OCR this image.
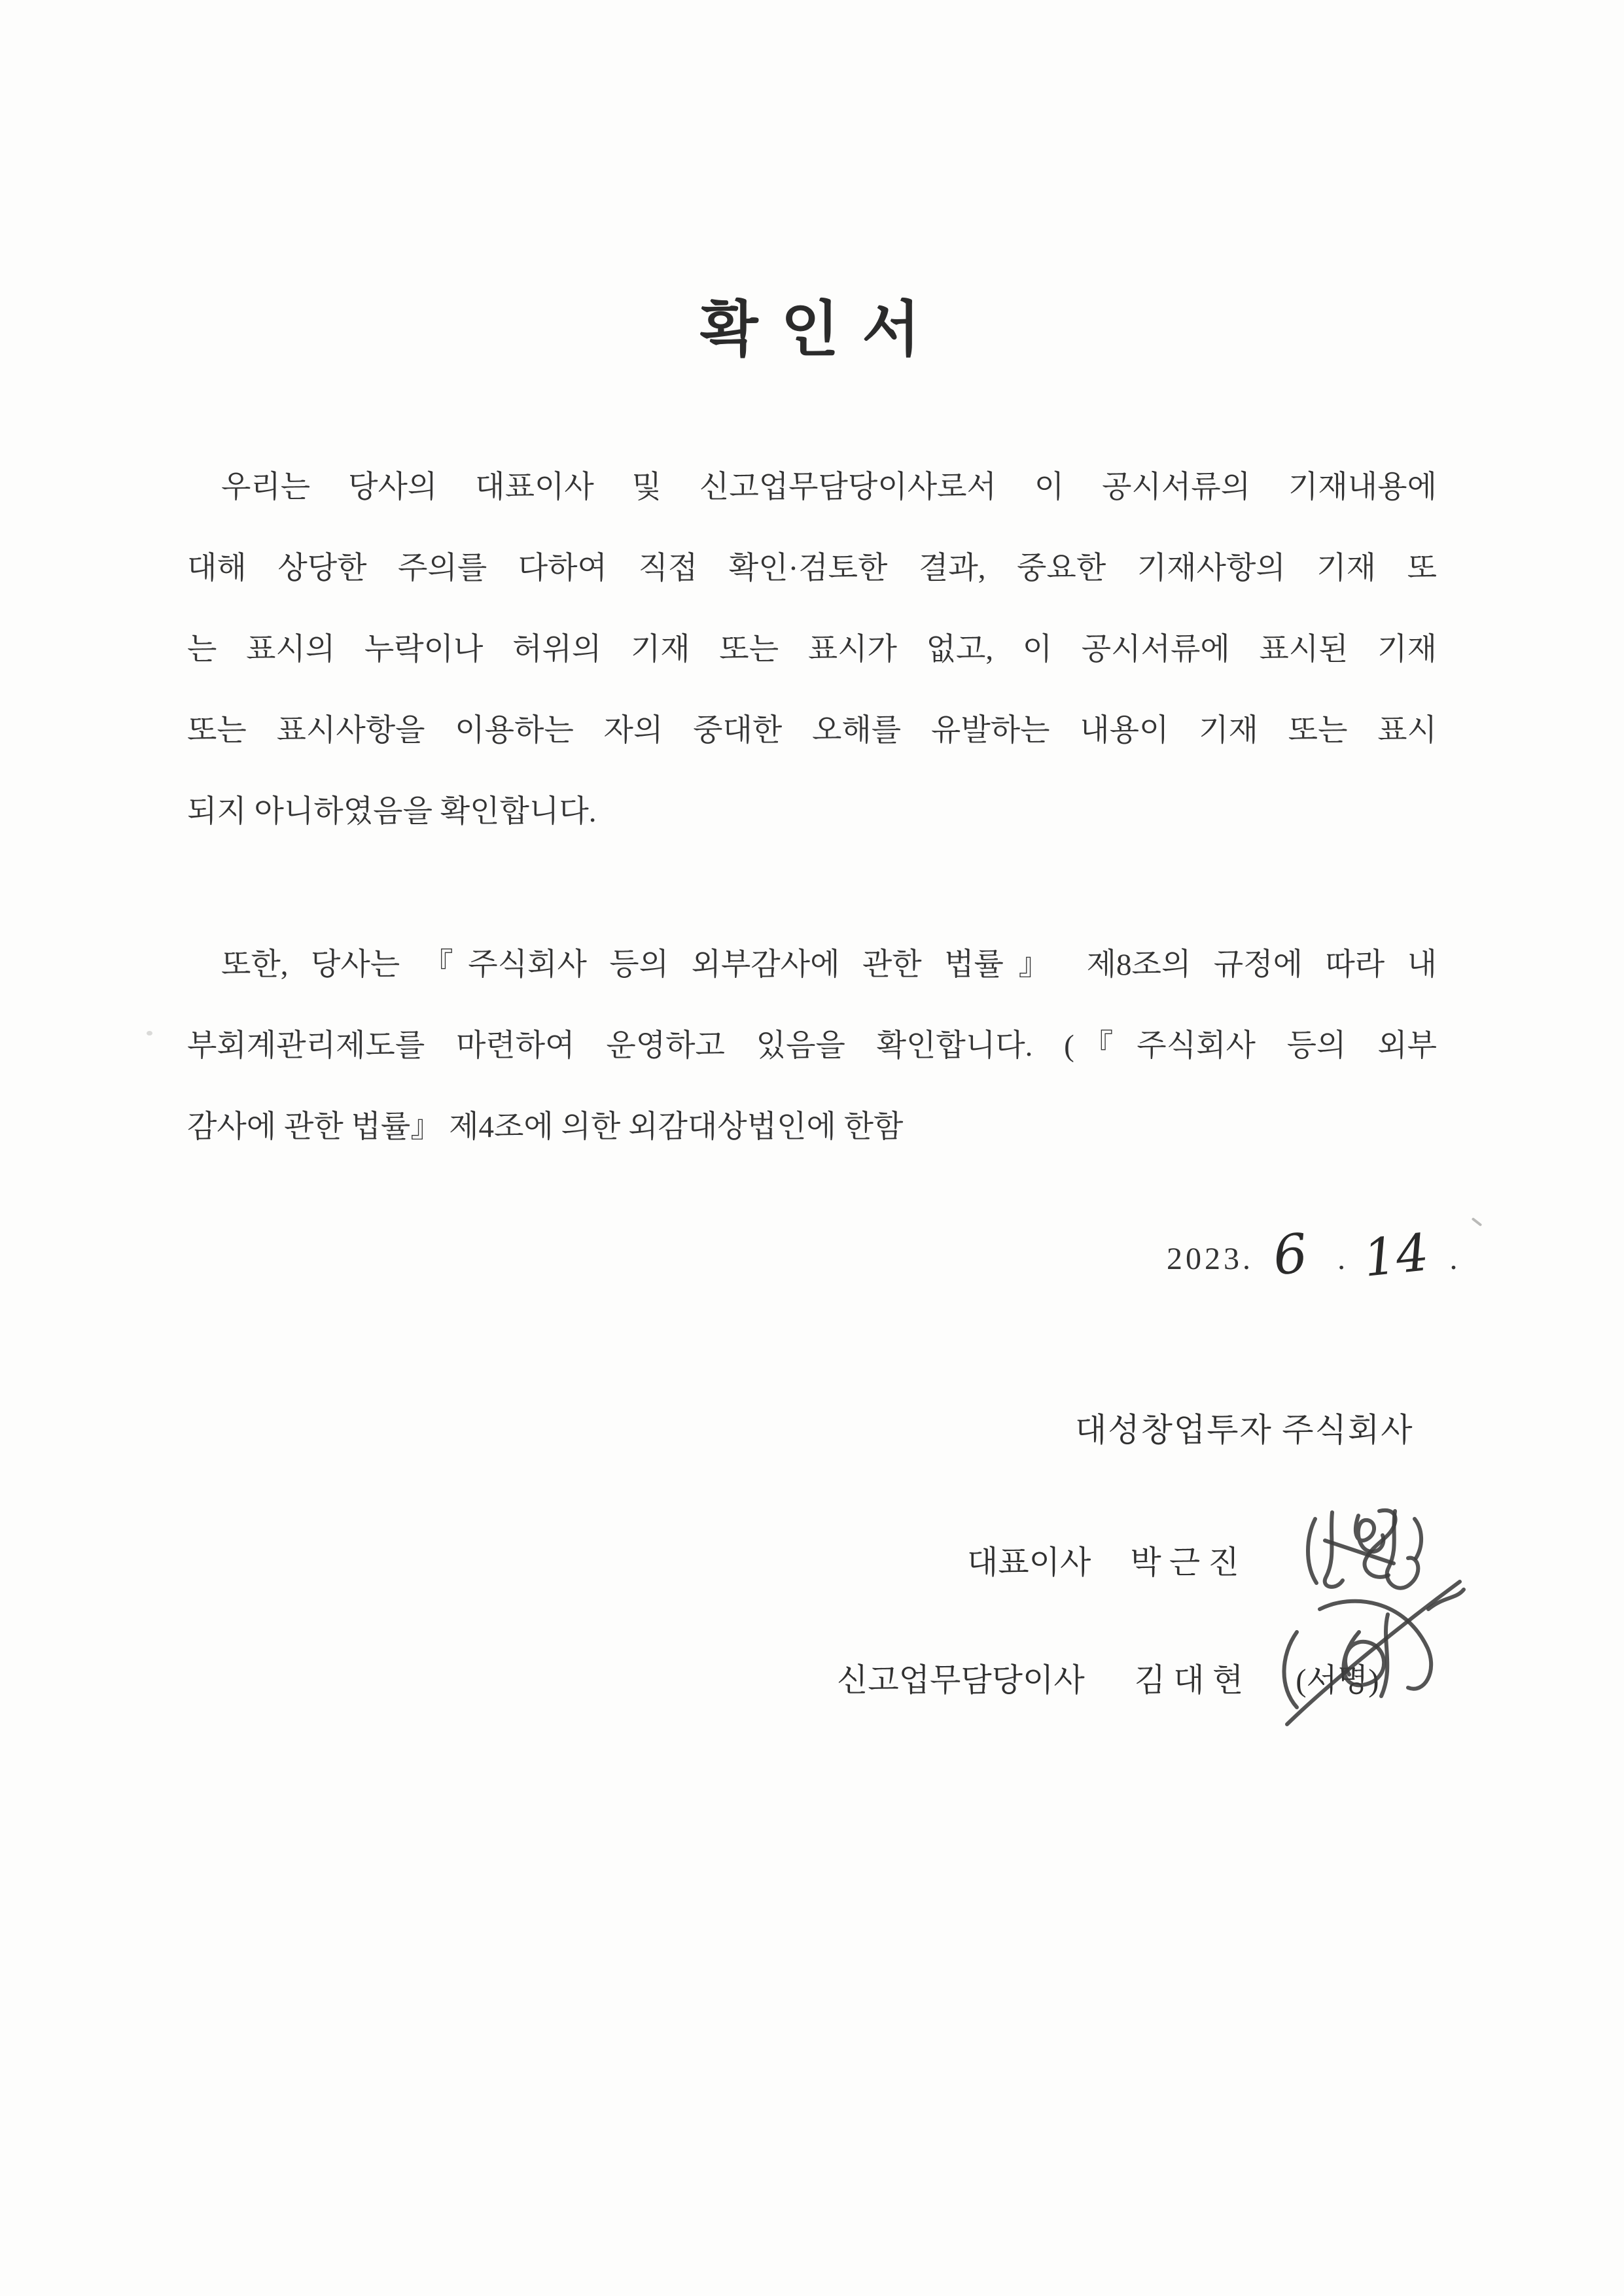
확 인 서
우리는 당사의 대표이사 및 신고업무담당이사로서 이 공시서류의 기재내용에
대해 상당한 주의를 다하여 직접 확인·검토한 결과, 중요한 기재사항의 기재 또
는 표시의 누락이나 허위의 기재 또는 표시가 없고, 이 공시서류에 표시된 기재
또는 표시사항을 이용하는 자의 중대한 오해를 유발하는 내용이 기재 또는 표시
되지 아니하였음을 확인합니다.
또한, 당사는 『주식회사 등의 외부감사에 관한 법률』 제8조의 규정에 따라 내
부회계관리제도를 마련하여 운영하고 있음을 확인합니다. (『주식회사 등의 외부
감사에 관한 법률』 제4조에 의한 외감대상법인에 한함
2023. 6 . 14 .
대성창업투자 주식회사
대표이사 박 근 진
신고업무담당이사 김 대 현 (서명)
